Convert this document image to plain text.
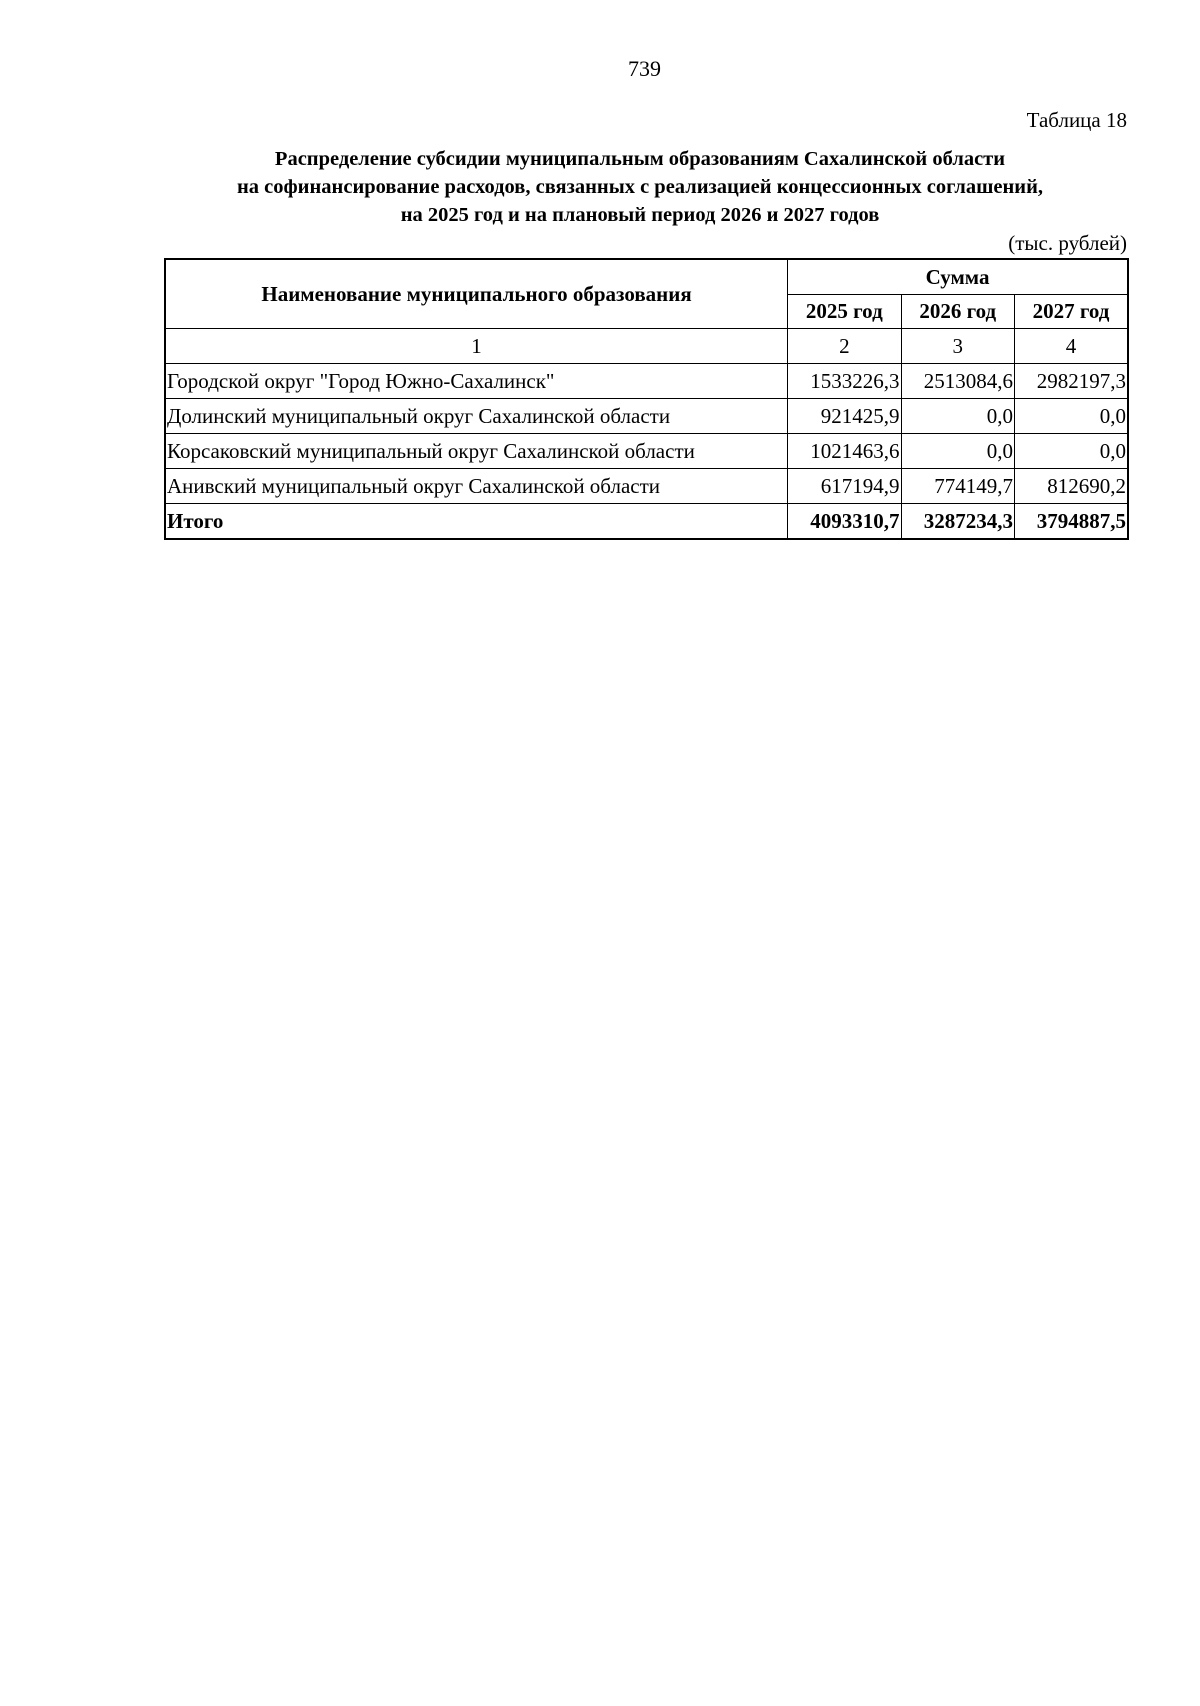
739
Таблица 18
Распределение субсидии муниципальным образованиям Сахалинской области
на софинансирование расходов, связанных с реализацией концессионных соглашений,
на 2025 год и на плановый период 2026 и 2027 годов
(тыс. рублей)
Наименование муниципального образования	Сумма		
	2025 год	2026 год	2027 год
1	2	3	4
Городской округ "Город Южно-Сахалинск"	1533226,3	2513084,6	2982197,3
Долинский муниципальный округ Сахалинской области	921425,9	0,0	0,0
Корсаковский муниципальный округ Сахалинской области	1021463,6	0,0	0,0
Анивский муниципальный округ Сахалинской области	617194,9	774149,7	812690,2
Итого	4093310,7	3287234,3	3794887,5
